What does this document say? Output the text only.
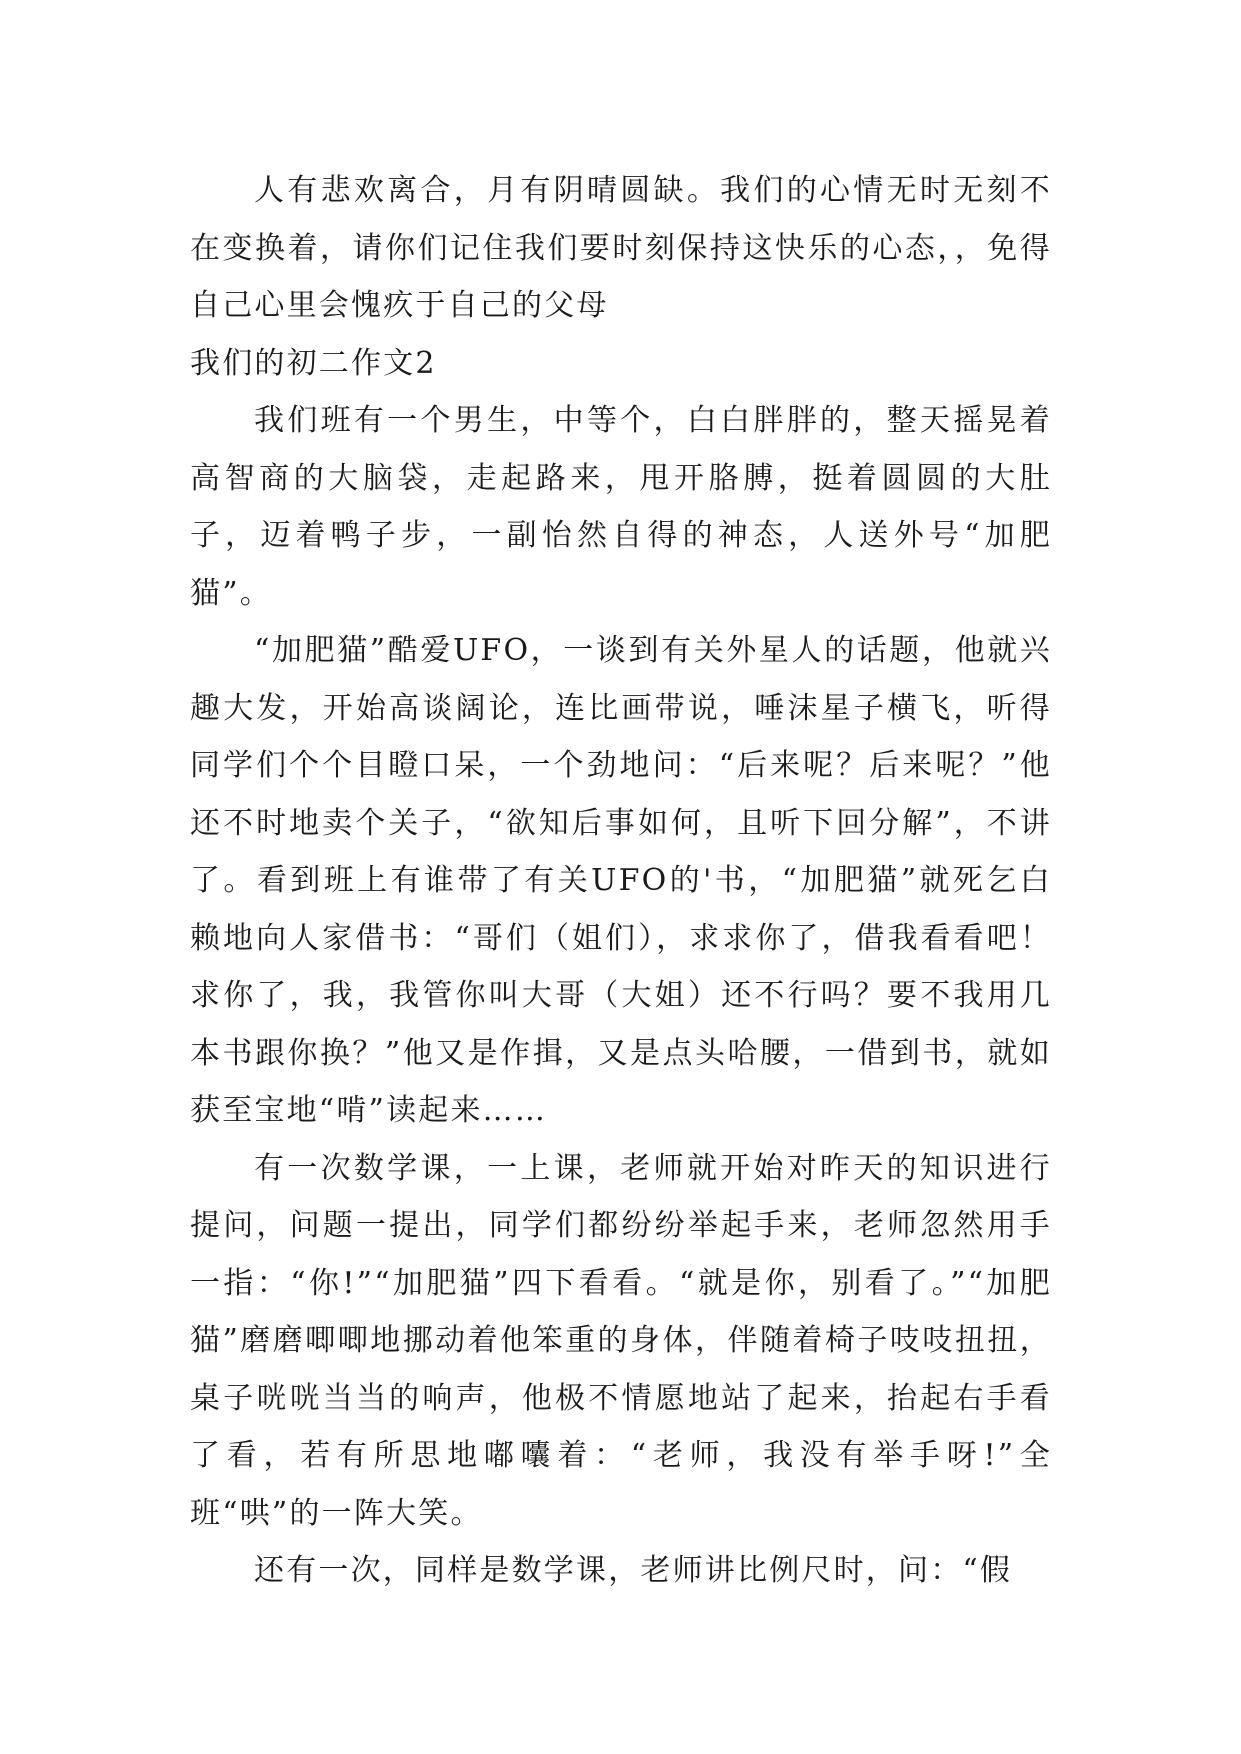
人有悲欢离合，月有阴晴圆缺。我们的心情无时无刻不在变换着，请你们记住我们要时刻保持这快乐的心态，，免得自己心里会愧疚于自己的父母

我们的初二作文2

我们班有一个男生，中等个，白白胖胖的，整天摇晃着高智商的大脑袋，走起路来，甩开胳膊，挺着圆圆的大肚子，迈着鸭子步，一副怡然自得的神态，人送外号“加肥猫”。

“加肥猫”酷爱UFO，一谈到有关外星人的话题，他就兴趣大发，开始高谈阔论，连比画带说，唾沫星子横飞，听得同学们个个目瞪口呆，一个劲地问：“后来呢？后来呢？”他还不时地卖个关子，“欲知后事如何，且听下回分解”，不讲了。看到班上有谁带了有关UFO的'书，“加肥猫”就死乞白赖地向人家借书：“哥们（姐们），求求你了，借我看看吧！求你了，我，我管你叫大哥（大姐）还不行吗？要不我用几本书跟你换？”他又是作揖，又是点头哈腰，一借到书，就如获至宝地“啃”读起来……

有一次数学课，一上课，老师就开始对昨天的知识进行提问，问题一提出，同学们都纷纷举起手来，老师忽然用手一指：“你!”“加肥猫”四下看看。“就是你，别看了。”“加肥猫”磨磨唧唧地挪动着他笨重的身体，伴随着椅子吱吱扭扭，桌子咣咣当当的响声，他极不情愿地站了起来，抬起右手看了看，若有所思地嘟囔着：“老师，我没有举手呀!”全班“哄”的一阵大笑。

还有一次，同样是数学课，老师讲比例尺时，问：“假
